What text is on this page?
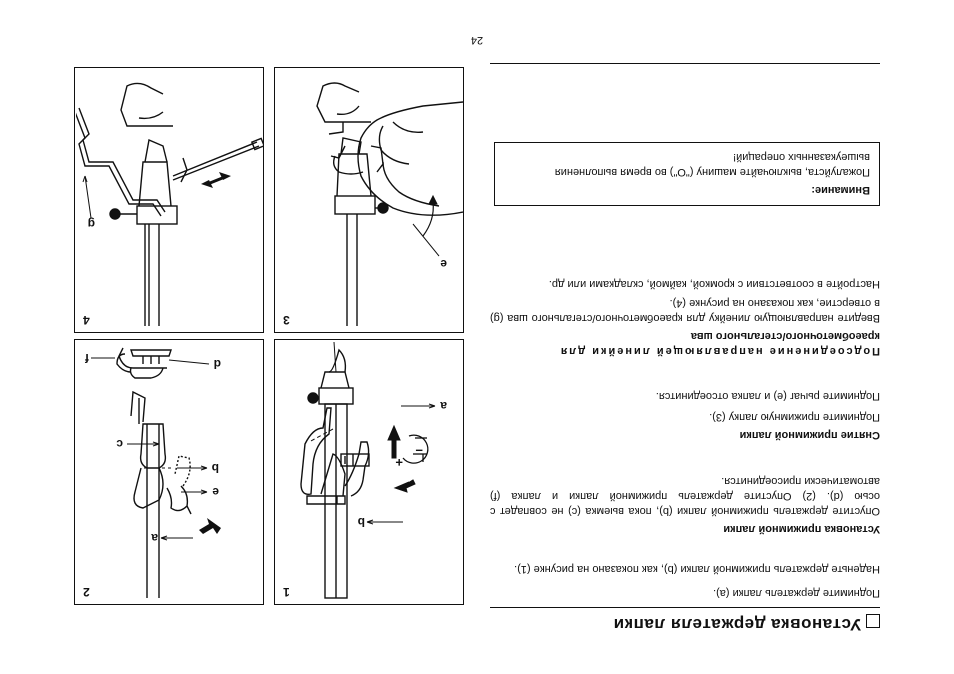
24
Установка держателя лапки

Поднимите держатель лапки (a).

Наденьте держатель прижимной лапки (b), как показано на рисунке (1).

Установка прижимной лапки

Опустите держатель прижимной лапки (b), пока выемка (c) не совпадет с осью (d). (2) Опустите держатель прижимной лапки и лапка (f) автоматически присоединится.

Снятие прижимной лапки

Поднимите прижимную лапку (3).

Поднимите рычаг (e) и лапка отсоединится.

Подсоединение направляющей линейки для
краеобметочного/стегального шва

Введите направляющую линейку для краеобметочного/стегального шва (g) в отверстие, как показано на рисунке (4).

Настройте в соответствии с кромкой, каймой, складками или др.

Внимание:
Пожалуйста, выключайте машину ("O") во время выполнения вышеуказанных операций!
1
a
b
−
+
2
a
e
b
c
d
f
3
e
4
g
